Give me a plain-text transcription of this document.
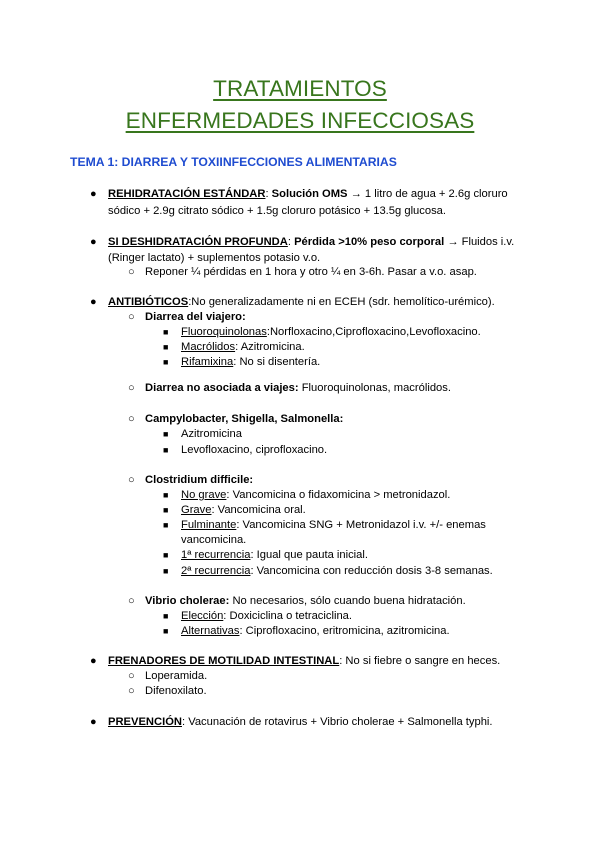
TRATAMIENTOS
ENFERMEDADES INFECCIOSAS
TEMA 1: DIARREA Y TOXIINFECCIONES ALIMENTARIAS
● REHIDRATACIÓN ESTÁNDAR: Solución OMS → 1 litro de agua + 2.6g cloruro
sódico + 2.9g citrato sódico + 1.5g cloruro potásico + 13.5g glucosa.
● SI DESHIDRATACIÓN PROFUNDA: Pérdida >10% peso corporal → Fluidos i.v.
(Ringer lactato) + suplementos potasio v.o.
○ Reponer ¼ pérdidas en 1 hora y otro ¼ en 3-6h. Pasar a v.o. asap.
● ANTIBIÓTICOS:No generalizadamente ni en ECEH (sdr. hemolítico-urémico).
○ Diarrea del viajero:
■ Fluoroquinolonas:Norfloxacino,Ciprofloxacino,Levofloxacino.
■ Macrólidos: Azitromicina.
■ Rifamixina: No si disentería.
○ Diarrea no asociada a viajes: Fluoroquinolonas, macrólidos.
○ Campylobacter, Shigella, Salmonella:
■ Azitromicina
■ Levofloxacino, ciprofloxacino.
○ Clostridium difficile:
■ No grave: Vancomicina o fidaxomicina > metronidazol.
■ Grave: Vancomicina oral.
■ Fulminante: Vancomicina SNG + Metronidazol i.v. +/- enemas
vancomicina.
■ 1ª recurrencia: Igual que pauta inicial.
■ 2ª recurrencia: Vancomicina con reducción dosis 3-8 semanas.
○ Vibrio cholerae: No necesarios, sólo cuando buena hidratación.
■ Elección: Doxiciclina o tetraciclina.
■ Alternativas: Ciprofloxacino, eritromicina, azitromicina.
● FRENADORES DE MOTILIDAD INTESTINAL: No si fiebre o sangre en heces.
○ Loperamida.
○ Difenoxilato.
● PREVENCIÓN: Vacunación de rotavirus + Vibrio cholerae + Salmonella typhi.
